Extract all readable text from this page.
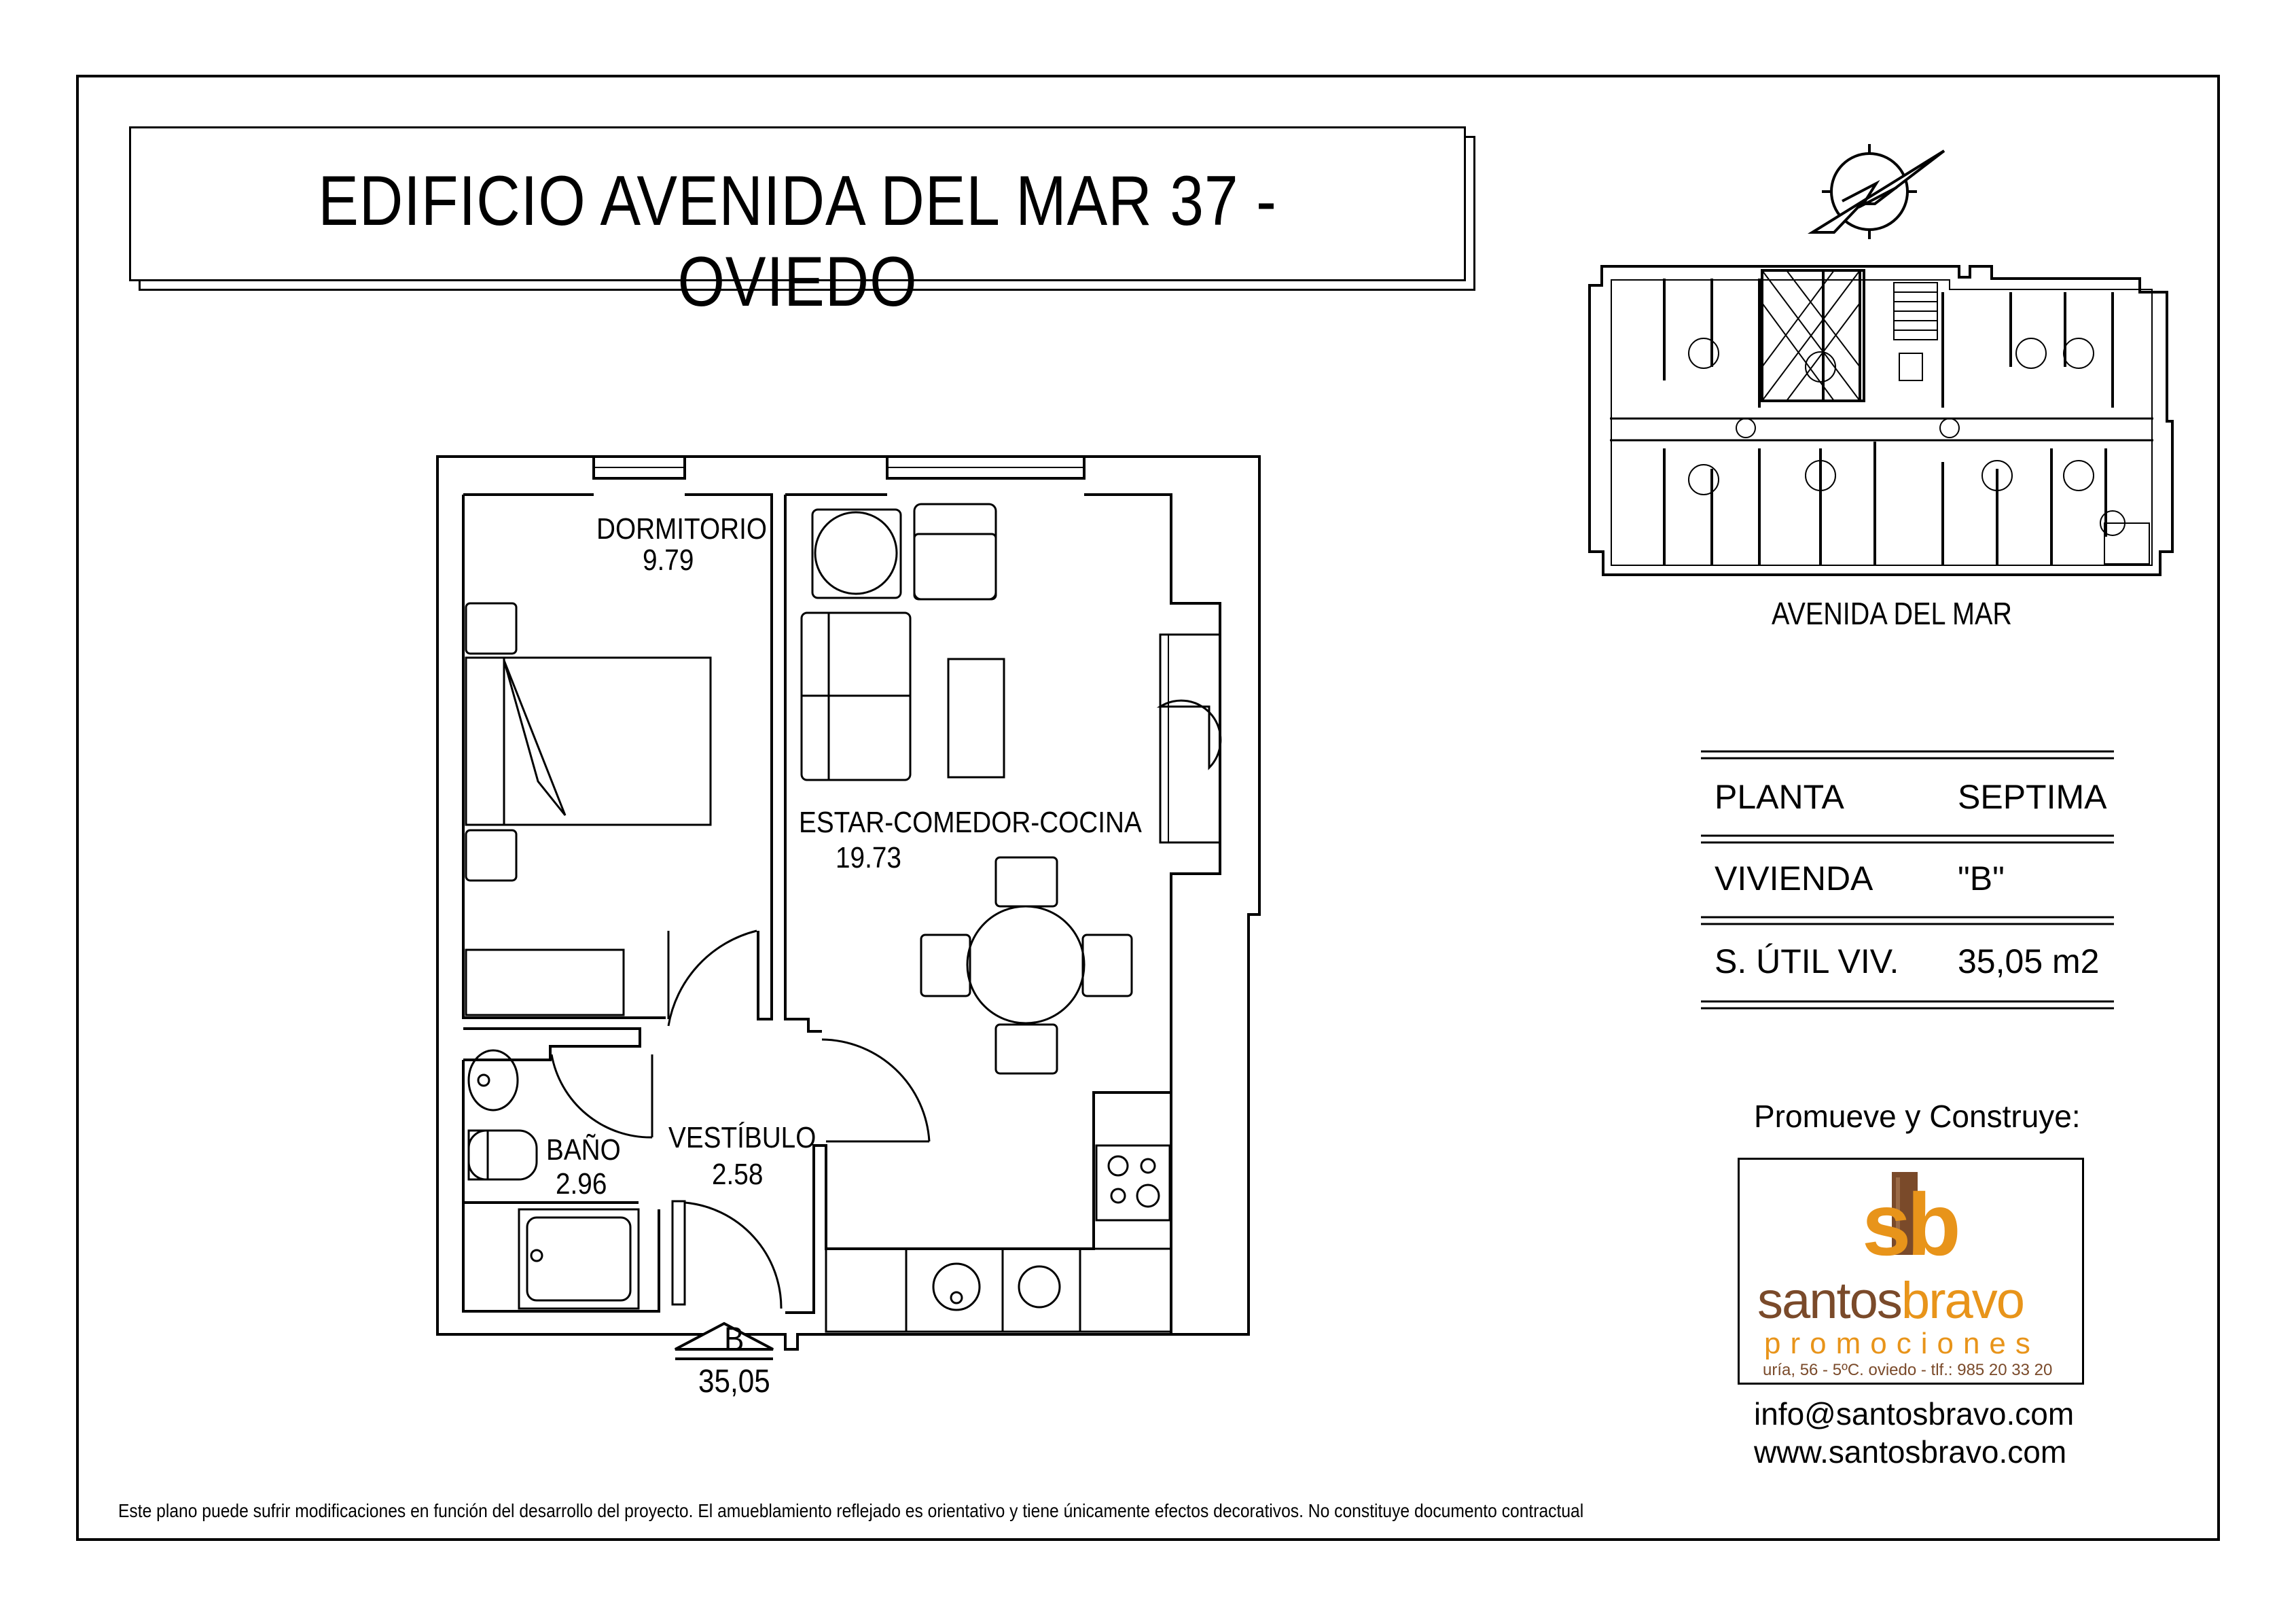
EDIFICIO AVENIDA DEL MAR 37 - OVIEDO
AVENIDA DEL MAR
DORMITORIO
9.79
ESTAR-COMEDOR-COCINA
19.73
BAÑO
2.96
VESTÍBULO
2.58
B
35,05
PLANTA	SEPTIMA
VIVIENDA "B"
S. ÚTIL VIV. 35,05 m2
Promueve y Construye:
sb
santosbravo
promociones
uría, 56 - 5ºC. oviedo - tlf.: 985 20 33 20
info@santosbravo.com
www.santosbravo.com
Este plano puede sufrir modificaciones en función del desarrollo del proyecto. El amueblamiento reflejado es orientativo y tiene únicamente efectos decorativos. No constituye documento contractual
